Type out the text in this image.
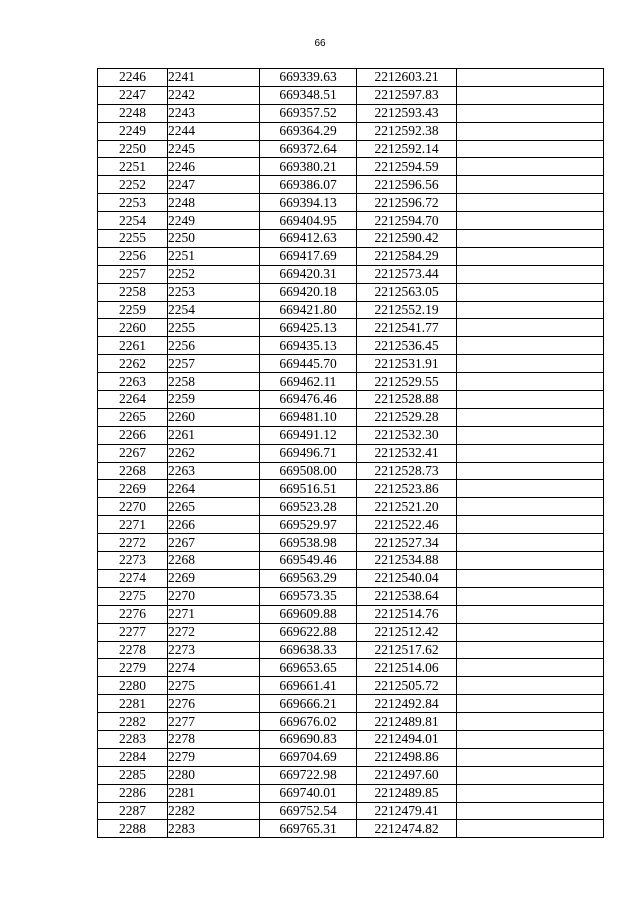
66
2246	2241	669339.63	2212603.21	
2247	2242	669348.51	2212597.83	
2248	2243	669357.52	2212593.43	
2249	2244	669364.29	2212592.38	
2250	2245	669372.64	2212592.14	
2251	2246	669380.21	2212594.59	
2252	2247	669386.07	2212596.56	
2253	2248	669394.13	2212596.72	
2254	2249	669404.95	2212594.70	
2255	2250	669412.63	2212590.42	
2256	2251	669417.69	2212584.29	
2257	2252	669420.31	2212573.44	
2258	2253	669420.18	2212563.05	
2259	2254	669421.80	2212552.19	
2260	2255	669425.13	2212541.77	
2261	2256	669435.13	2212536.45	
2262	2257	669445.70	2212531.91	
2263	2258	669462.11	2212529.55	
2264	2259	669476.46	2212528.88	
2265	2260	669481.10	2212529.28	
2266	2261	669491.12	2212532.30	
2267	2262	669496.71	2212532.41	
2268	2263	669508.00	2212528.73	
2269	2264	669516.51	2212523.86	
2270	2265	669523.28	2212521.20	
2271	2266	669529.97	2212522.46	
2272	2267	669538.98	2212527.34	
2273	2268	669549.46	2212534.88	
2274	2269	669563.29	2212540.04	
2275	2270	669573.35	2212538.64	
2276	2271	669609.88	2212514.76	
2277	2272	669622.88	2212512.42	
2278	2273	669638.33	2212517.62	
2279	2274	669653.65	2212514.06	
2280	2275	669661.41	2212505.72	
2281	2276	669666.21	2212492.84	
2282	2277	669676.02	2212489.81	
2283	2278	669690.83	2212494.01	
2284	2279	669704.69	2212498.86	
2285	2280	669722.98	2212497.60	
2286	2281	669740.01	2212489.85	
2287	2282	669752.54	2212479.41	
2288	2283	669765.31	2212474.82	
